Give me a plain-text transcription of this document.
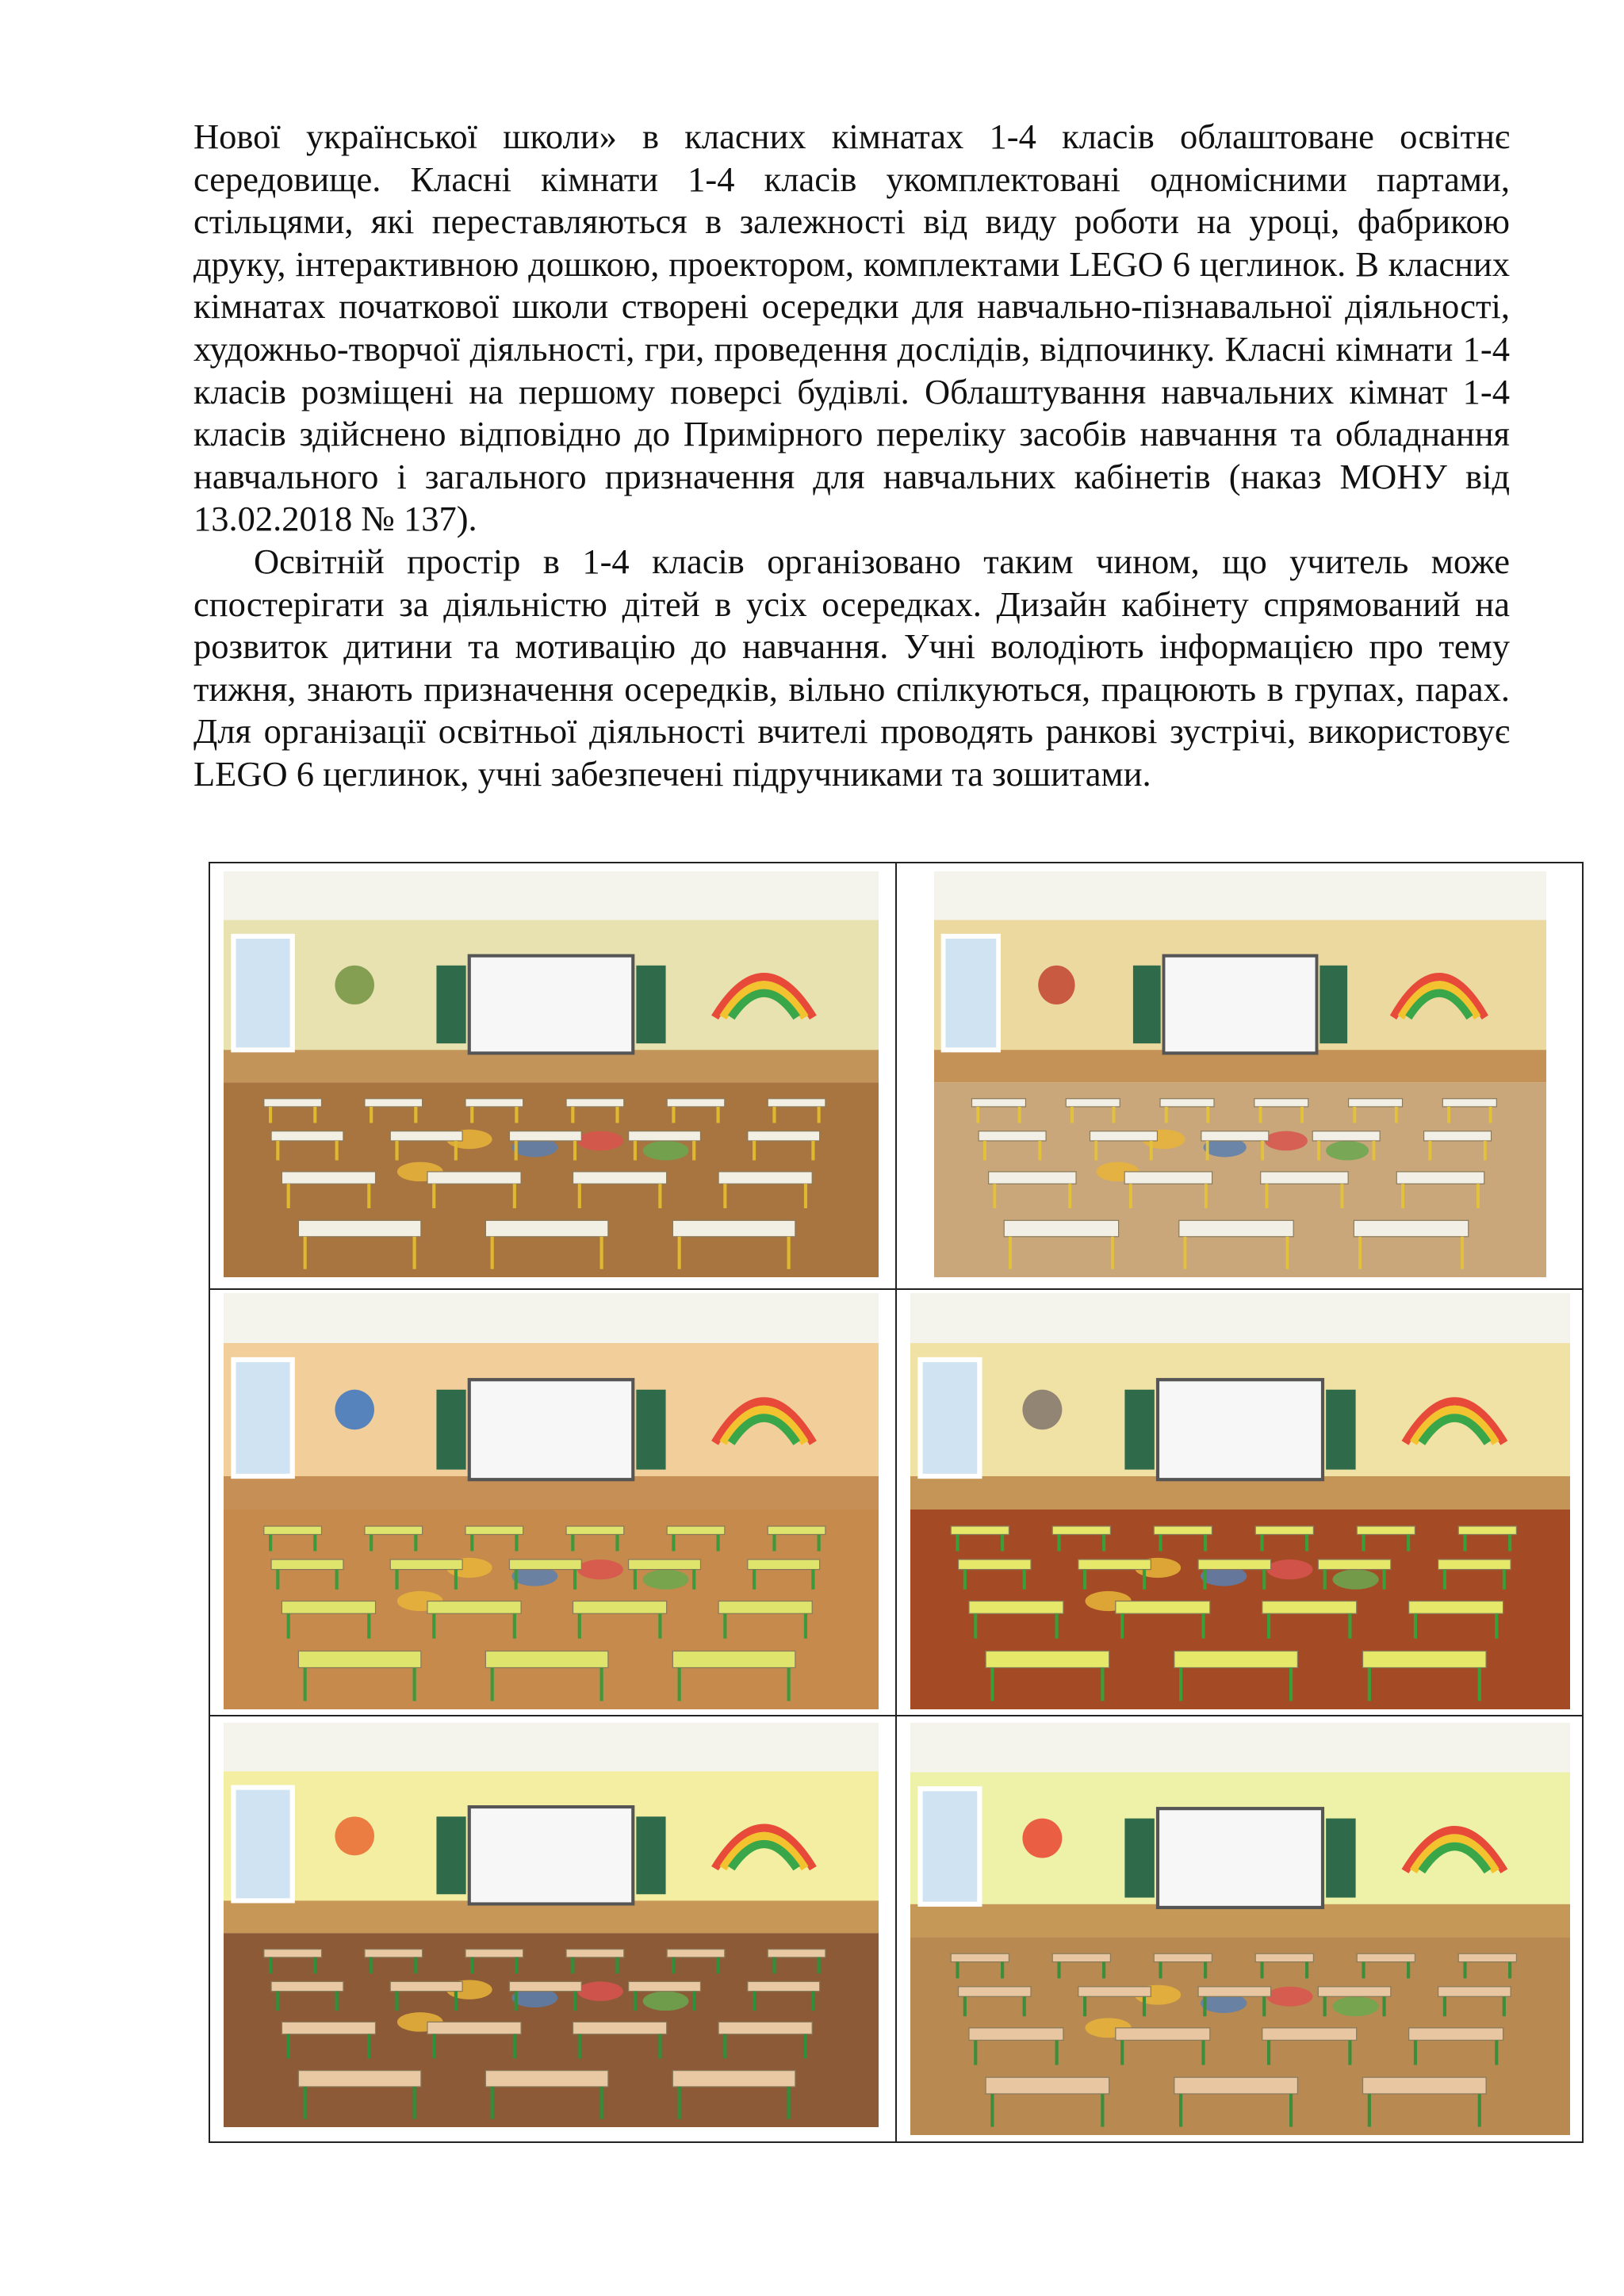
Нової української школи» в класних кімнатах 1-4 класів облаштоване освітнє середовище. Класні кімнати 1-4 класів укомплектовані одномісними партами, стільцями, які переставляються в залежності від виду роботи на уроці, фабрикою друку, інтерактивною дошкою, проектором, комплектами LEGO 6 цеглинок. В класних кімнатах початкової школи створені осередки для навчально-пізнавальної діяльності, художньо-творчої діяльності, гри, проведення дослідів, відпочинку. Класні кімнати 1-4 класів розміщені на першому поверсі будівлі. Облаштування навчальних кімнат 1-4 класів здійснено відповідно до Примірного переліку засобів навчання та обладнання навчального і загального призначення для навчальних кабінетів (наказ МОНУ від 13.02.2018 № 137).

Освітній простір в 1-4 класів організовано таким чином, що учитель може спостерігати за діяльністю дітей в усіх осередках. Дизайн кабінету спрямований на розвиток дитини та мотивацію до навчання. Учні володіють інформацією про тему тижня, знають призначення осередків, вільно спілкуються, працюють в групах, парах. Для організації освітньої діяльності вчителі проводять ранкові зустрічі, використовує LEGO 6 цеглинок, учні забезпечені підручниками та зошитами.
